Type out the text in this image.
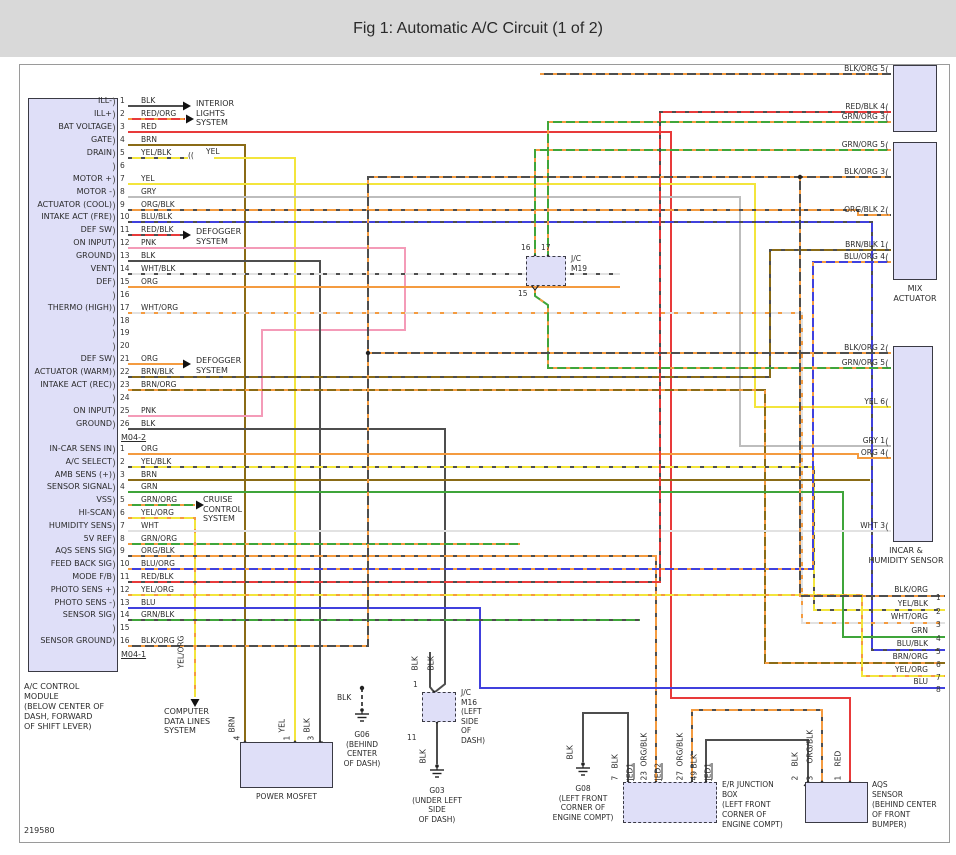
Fig 1: Automatic A/C Circuit (1 of 2)
G06
(BEHIND
CENTER
OF DASH)
G03
(UNDER LEFT
SIDE
OF DASH)
G08
(LEFT FRONT
CORNER OF
ENGINE COMPT)
A/C CONTROL
MODULE
(BELOW CENTER OF
DASH, FORWARD
OF SHIFT LEVER)
ILL- ) 1 BLK
ILL+ ) 2 RED/ORG
BAT VOLTAGE ) 3 RED
GATE ) 4 BRN
DRAIN ) 5 YEL/BLK
) 6
MOTOR + ) 7 YEL
MOTOR - ) 8 GRY
ACTUATOR (COOL) ) 9 ORG/BLK
INTAKE ACT (FRE) ) 10 BLU/BLK
DEF SW ) 11 RED/BLK
ON INPUT ) 12 PNK
GROUND ) 13 BLK
VENT ) 14 WHT/BLK
DEF ) 15 ORG
) 16
THERMO (HIGH) ) 17 WHT/ORG
) 18
) 19
) 20
DEF SW ) 21 ORG
ACTUATOR (WARM) ) 22 BRN/BLK
INTAKE ACT (REC) ) 23 BRN/ORG
) 24
ON INPUT ) 25 PNK
GROUND ) 26 BLK
M04-2
IN-CAR SENS IN ) 1 ORG
A/C SELECT ) 2 YEL/BLK
AMB SENS (+) ) 3 BRN
SENSOR SIGNAL ) 4 GRN
VSS ) 5 GRN/ORG
HI-SCAN ) 6 YEL/ORG
HUMIDITY SENS ) 7 WHT
5V REF ) 8 GRN/ORG
AQS SENS SIG ) 9 ORG/BLK
FEED BACK SIG ) 10 BLU/ORG
MODE F/B ) 11 RED/BLK
PHOTO SENS + ) 12 YEL/ORG
PHOTO SENS - ) 13 BLU
SENSOR SIG ) 14 GRN/BLK
) 15
SENSOR GROUND ) 16 BLK/ORG
M04-1
INTERIOR
LIGHTS
SYSTEM
DEFOGGER
SYSTEM
DEFOGGER
SYSTEM
CRUISE
CONTROL
SYSTEM
COMPUTER
DATA LINES
SYSTEM
BLK/ORG 5 (
RED/BLK 4 (
GRN/ORG 3 (
GRN/ORG 5 (
BLK/ORG 3 (
ORG/BLK 2 (
BRN/BLK 1 (
BLU/ORG 4 (
MIX
ACTUATOR
BLK/ORG 2 (
GRN/ORG 5 (
YEL 6 (
GRY 1 (
ORG 4 (
WHT 3 (
INCAR &
HUMIDITY SENSOR
BLK/ORG
1
YEL/BLK
2
WHT/ORG
3
GRN
4
BLU/BLK
5
BRN/ORG
6
YEL/ORG
7
BLU
8
J/C
M19
16 17
15
J/C
M16
(LEFT
SIDE
OF
DASH)
1
11
POWER MOSFET
E/R JUNCTION
BOX
(LEFT FRONT
CORNER OF
ENGINE COMPT)
AQS
SENSOR
(BEHIND CENTER
OF FRONT
BUMPER)
YEL
((
BLK
YEL/ORG
BRN	YEL BLK
4	1 3
BLK BLK
BLK	BLK
BLK
7 JED1
ORG/BLK
23 JED2
ORG/BLK
27
BLK
49 JED1
BLK
2
ORG/BLK
3
RED
1
219580
